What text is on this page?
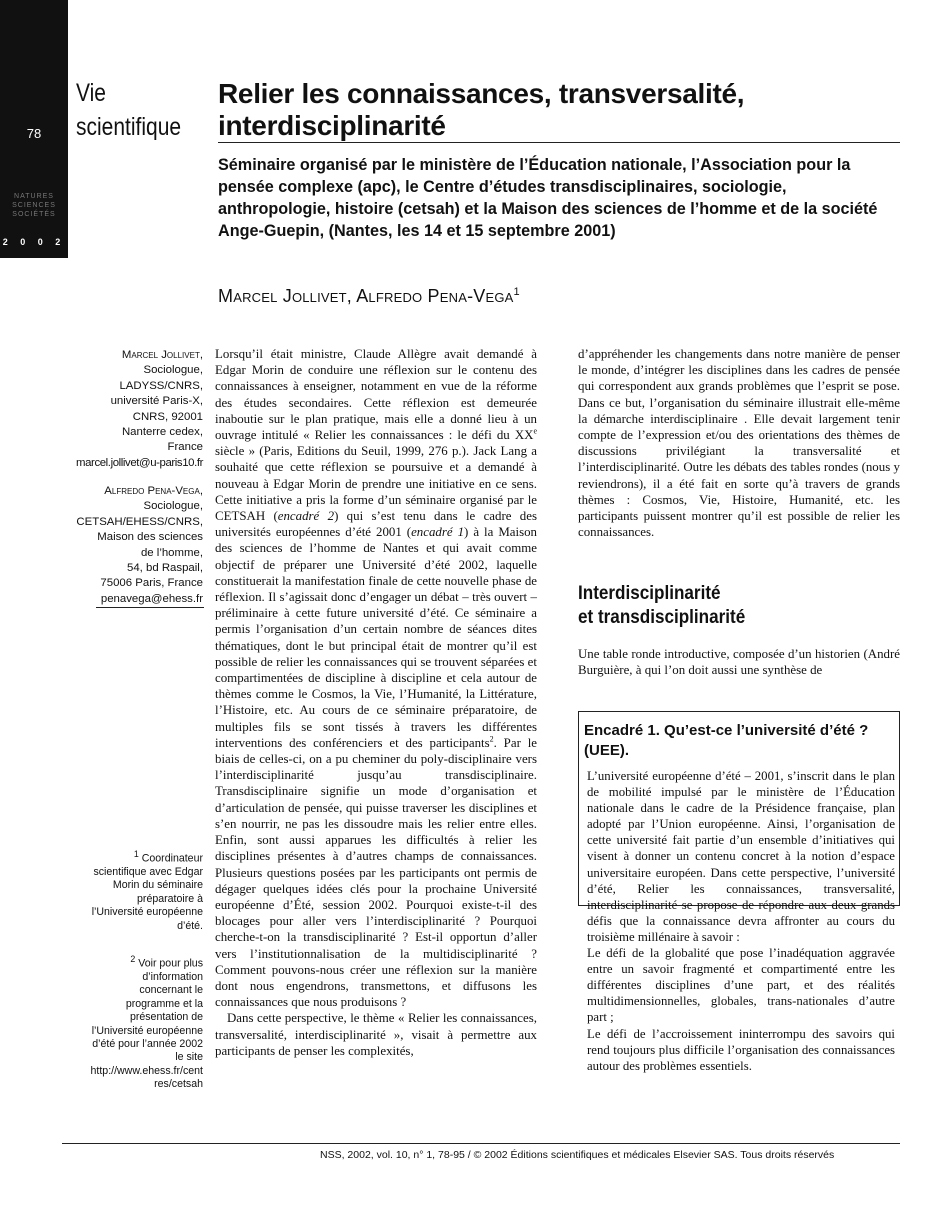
78
NATURES SCIENCES SOCIÉTÉS
2 0 0 2
Vie
scientifique
Relier les connaissances, transversalité,
interdisciplinarité
Séminaire organisé par le ministère de l’Éducation nationale, l’Association pour la pensée complexe (apc), le Centre d’études transdisciplinaires, sociologie, anthropologie, histoire (cetsah) et la Maison des sciences de l’homme et de la société Ange-Guepin, (Nantes, les 14 et 15 septembre 2001)
Marcel Jollivet, Alfredo Pena-Vega$^1$
Marcel Jollivet,
Sociologue,
LADYSS/CNRS,
université Paris-X,
CNRS, 92001
Nanterre cedex,
France
marcel.jollivet@u-paris10.fr
Alfredo Pena-Vega,
Sociologue,
CETSAH/EHESS/CNRS,
Maison des sciences
de l’homme,
54, bd Raspail,
75006 Paris, France
penavega@ehess.fr
$^1$ Coordinateur scientifique avec Edgar Morin du séminaire préparatoire à l’Université européenne d’été.
$^2$ Voir pour plus d’information concernant le programme et la présentation de l’Université européenne d’été pour l’année 2002 le site http://www.ehess.fr/centres/cetsah

Lorsqu’il était ministre, Claude Allègre avait demandé à Edgar Morin de conduire une réflexion sur le contenu des connaissances à enseigner, notamment en vue de la réforme des études secondaires. Cette réflexion est demeurée inaboutie sur le plan pratique, mais elle a donné lieu à un ouvrage intitulé « Relier les connaissances : le défi du XXe siècle » (Paris, Editions du Seuil, 1999, 276 p.). Jack Lang a souhaité que cette réflexion se poursuive et a demandé à nouveau à Edgar Morin de prendre une initiative en ce sens. Cette initiative a pris la forme d’un séminaire organisé par le CETSAH (encadré 2) qui s’est tenu dans le cadre des universités européennes d’été 2001 (encadré 1) à la Maison des sciences de l’homme de Nantes et qui avait comme objectif de préparer une Université d’été 2002, laquelle constituerait la manifestation finale de cette nouvelle phase de réflexion. Il s’agissait donc d’engager un débat – très ouvert – préliminaire à cette future université d’été. Ce séminaire a permis l’organisation d’un certain nombre de séances dites thématiques, dont le but principal était de montrer qu’il est possible de relier les connaissances qui se trouvent séparées et compartimentées de discipline à discipline et cela autour de thèmes comme le Cosmos, la Vie, l’Humanité, la Littérature, l’Histoire, etc. Au cours de ce séminaire préparatoire, de multiples fils se sont tissés à travers les différentes interventions des conférenciers et des participants$^2$. Par le biais de celles-ci, on a pu cheminer du poly-disciplinaire vers l’interdisciplinarité jusqu’au transdisciplinaire. Transdisciplinaire signifie un mode d’organisation et d’articulation de pensée, qui puisse traverser les disciplines et s’en nourrir, ne pas les dissoudre mais les relier entre elles. Enfin, sont aussi apparues les difficultés à relier les disciplines présentes à d’autres champs de connaissances. Plusieurs questions posées par les participants ont permis de dégager quelques idées clés pour la prochaine Université européenne d’Été, session 2002. Pourquoi existe-t-il des blocages pour aller vers l’interdisciplinarité ? Pourquoi cherche-t-on la transdisciplinarité ? Est-il opportun d’aller vers l’institutionnalisation de la multidisciplinarité ? Comment pouvons-nous créer une réflexion sur la manière dont nous engendrons, transmettons, et diffusons les connaissances que nous produisons ?

Dans cette perspective, le thème « Relier les connaissances, transversalité, interdisciplinarité », visait à permettre aux participants de penser les complexités,

d’appréhender les changements dans notre manière de penser le monde, d’intégrer les disciplines dans les cadres de pensée qui correspondent aux grands problèmes que l’esprit se pose. Dans ce but, l’organisation du séminaire illustrait elle-même la démarche interdisciplinaire . Elle devait largement tenir compte de l’expression et/ou des orientations des thèmes de discussions privilégiant la transversalité et l’interdisciplinarité. Outre les débats des tables rondes (nous y reviendrons), il a été fait en sorte qu’à travers de grands thèmes : Cosmos, Vie, Histoire, Humanité, etc. les participants puissent montrer qu’il est possible de relier les connaissances.

Interdisciplinarité
et transdisciplinarité

Une table ronde introductive, composée d’un historien (André Burguière, à qui l’on doit aussi une synthèse de

Encadré 1. Qu’est-ce l’université d’été ? (UEE).

L’université européenne d’été – 2001, s’inscrit dans le plan de mobilité impulsé par le ministère de l’Éducation nationale dans le cadre de la Présidence française, plan adopté par l’Union européenne. Ainsi, l’organisation de cette université fait partie d’un ensemble d’initiatives qui visent à donner un contenu concret à la notion d’espace universitaire européen. Dans cette perspective, l’université d’été, Relier les connaissances, transversalité, interdisciplinarité se propose de répondre aux deux grands défis que la connaissance devra affronter au cours du troisième millénaire à savoir :

Le défi de la globalité que pose l’inadéquation aggravée entre un savoir fragmenté et compartimenté entre les différentes disciplines d’une part, et des réalités multidimensionnelles, globales, trans-nationales d’autre part ;

Le défi de l’accroissement ininterrompu des savoirs qui rend toujours plus difficile l’organisation des connaissances autour des problèmes essentiels.

NSS, 2002, vol. 10, n° 1, 78-95 / © 2002 Éditions scientifiques et médicales Elsevier SAS. Tous droits réservés
